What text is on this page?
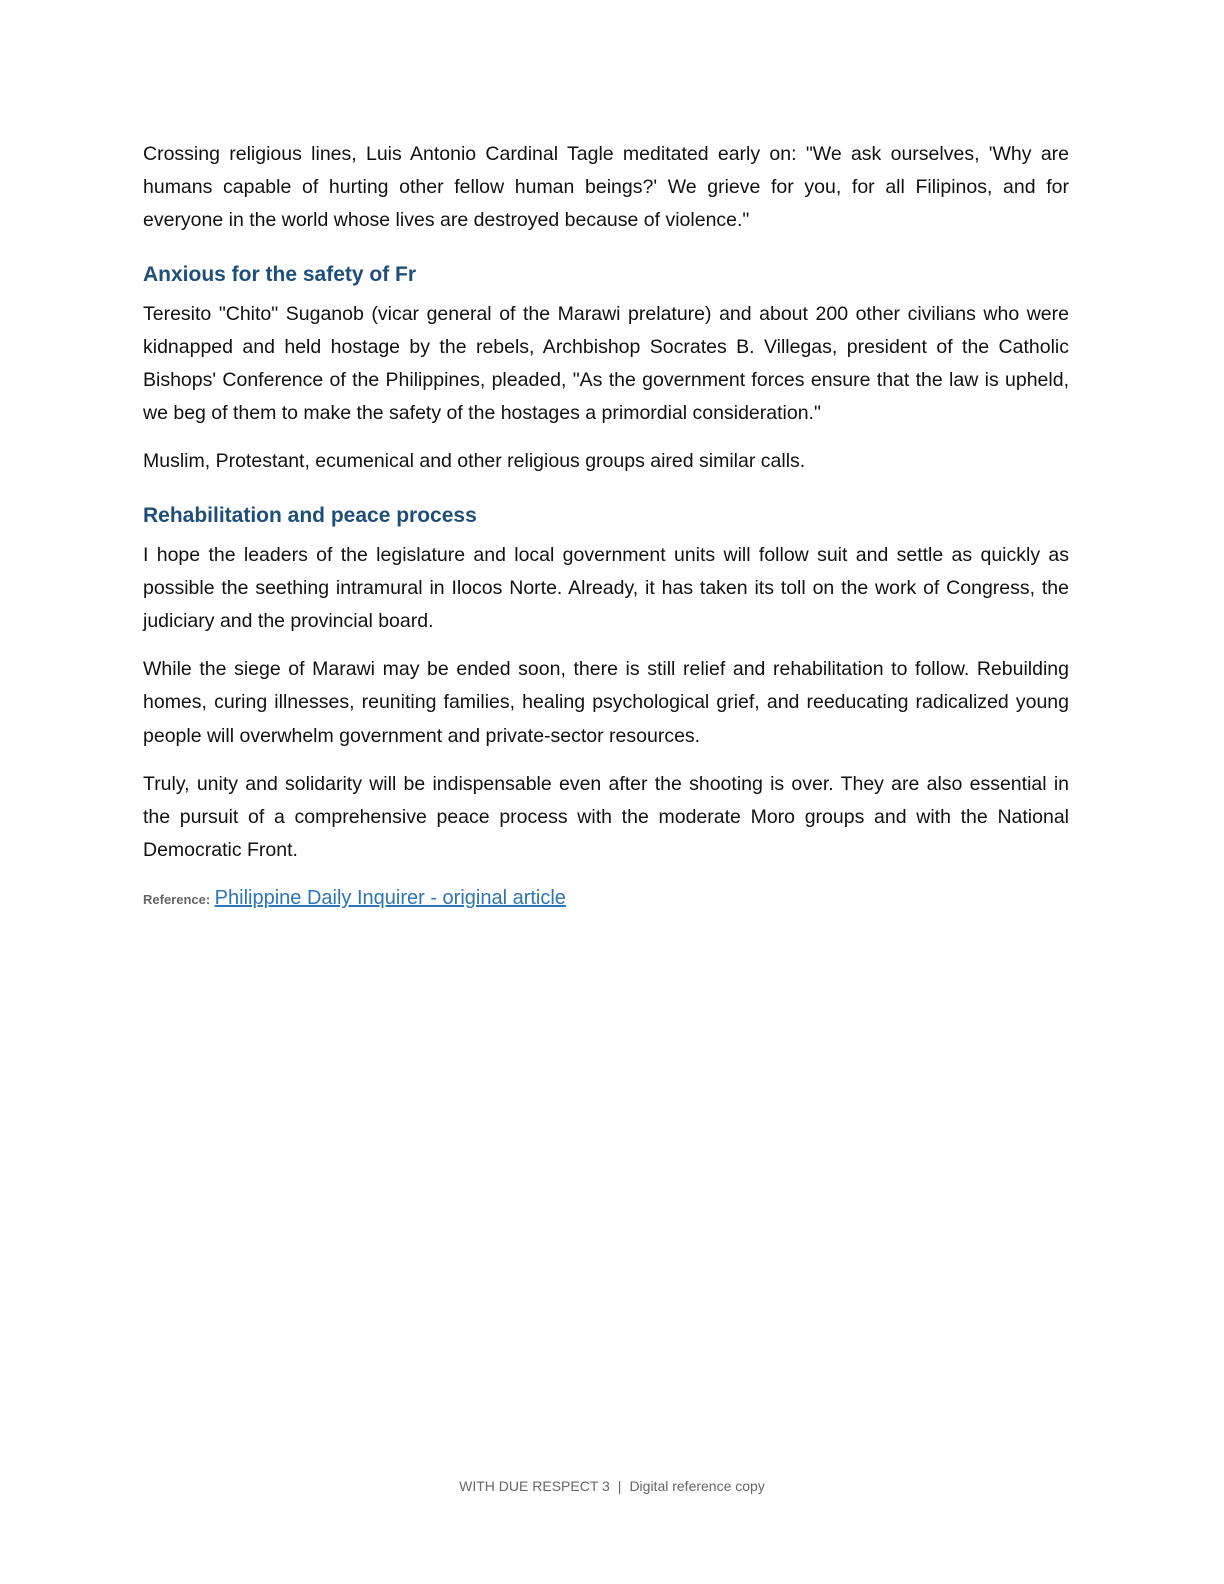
Crossing religious lines, Luis Antonio Cardinal Tagle meditated early on: "We ask ourselves, 'Why are humans capable of hurting other fellow human beings?' We grieve for you, for all Filipinos, and for everyone in the world whose lives are destroyed because of violence."

Anxious for the safety of Fr

Teresito "Chito" Suganob (vicar general of the Marawi prelature) and about 200 other civilians who were kidnapped and held hostage by the rebels, Archbishop Socrates B. Villegas, president of the Catholic Bishops' Conference of the Philippines, pleaded, "As the government forces ensure that the law is upheld, we beg of them to make the safety of the hostages a primordial consideration."

Muslim, Protestant, ecumenical and other religious groups aired similar calls.

Rehabilitation and peace process

I hope the leaders of the legislature and local government units will follow suit and settle as quickly as possible the seething intramural in Ilocos Norte. Already, it has taken its toll on the work of Congress, the judiciary and the provincial board.

While the siege of Marawi may be ended soon, there is still relief and rehabilitation to follow. Rebuilding homes, curing illnesses, reuniting families, healing psychological grief, and reeducating radicalized young people will overwhelm government and private-sector resources.

Truly, unity and solidarity will be indispensable even after the shooting is over. They are also essential in the pursuit of a comprehensive peace process with the moderate Moro groups and with the National Democratic Front.

Reference: Philippine Daily Inquirer - original article
WITH DUE RESPECT 3 | Digital reference copy
